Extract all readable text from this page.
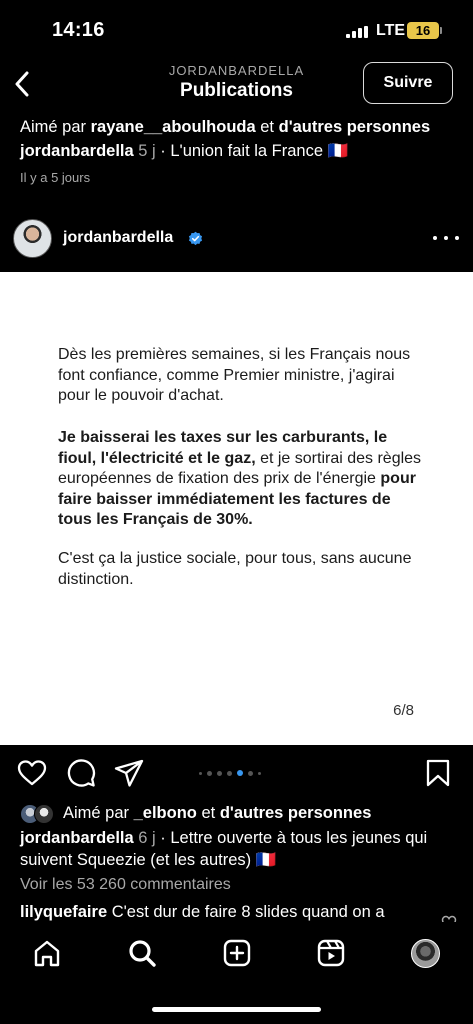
14:16	LTE 16
JORDANBARDELLA
Publications	Suivre
Aimé par rayane__aboulhouda et d'autres personnes
jordanbardella 5 j · L'union fait la France 🇫🇷
Il y a 5 jours
jordanbardella

Dès les premières semaines, si les Français nous font confiance, comme Premier ministre, j'agirai pour le pouvoir d'achat.

Je baisserai les taxes sur les carburants, le fioul, l'électricité et le gaz, et je sortirai des règles européennes de fixation des prix de l'énergie pour faire baisser immédiatement les factures de tous les Français de 30%.

C'est ça la justice sociale, pour tous, sans aucune distinction.

6/8
Aimé par _elbono et d'autres personnes
jordanbardella 6 j · Lettre ouverte à tous les jeunes qui suivent Squeezie (et les autres) 🇫🇷
Voir les 53 260 commentaires
lilyquefaire C'est dur de faire 8 slides quand on a
